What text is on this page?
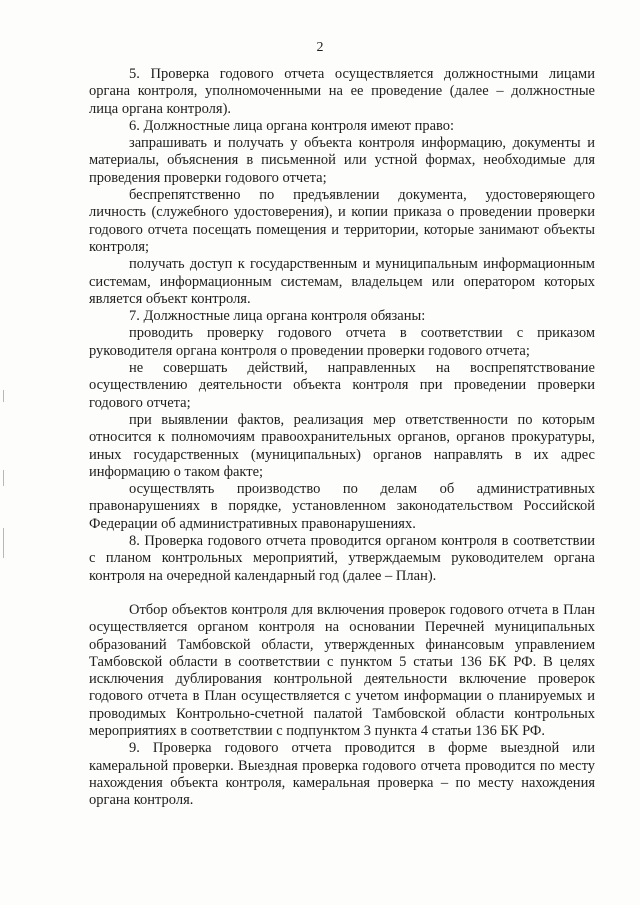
2

5. Проверка годового отчета осуществляется должностными лицами органа контроля, уполномоченными на ее проведение (далее – должностные лица органа контроля).

6. Должностные лица органа контроля имеют право:

запрашивать и получать у объекта контроля информацию, документы и материалы, объяснения в письменной или устной формах, необходимые для проведения проверки годового отчета;

беспрепятственно по предъявлении документа, удостоверяющего личность (служебного удостоверения), и копии приказа о проведении проверки годового отчета посещать помещения и территории, которые занимают объекты контроля;

получать доступ к государственным и муниципальным информационным системам, информационным системам, владельцем или оператором которых является объект контроля.

7. Должностные лица органа контроля обязаны:

проводить проверку годового отчета в соответствии с приказом руководителя органа контроля о проведении проверки годового отчета;

не совершать действий, направленных на воспрепятствование осуществлению деятельности объекта контроля при проведении проверки годового отчета;

при выявлении фактов, реализация мер ответственности по которым относится к полномочиям правоохранительных органов, органов прокуратуры, иных государственных (муниципальных) органов направлять в их адрес информацию о таком факте;

осуществлять производство по делам об административных правонарушениях в порядке, установленном законодательством Российской Федерации об административных правонарушениях.

8. Проверка годового отчета проводится органом контроля в соответствии с планом контрольных мероприятий, утверждаемым руководителем органа контроля на очередной календарный год (далее – План).

Отбор объектов контроля для включения проверок годового отчета в План осуществляется органом контроля на основании Перечней муниципальных образований Тамбовской области, утвержденных финансовым управлением Тамбовской области в соответствии с пунктом 5 статьи 136 БК РФ. В целях исключения дублирования контрольной деятельности включение проверок годового отчета в План осуществляется с учетом информации о планируемых и проводимых Контрольно-счетной палатой Тамбовской области контрольных мероприятиях в соответствии с подпунктом 3 пункта 4 статьи 136 БК РФ.

9. Проверка годового отчета проводится в форме выездной или камеральной проверки. Выездная проверка годового отчета проводится по месту нахождения объекта контроля, камеральная проверка – по месту нахождения органа контроля.
